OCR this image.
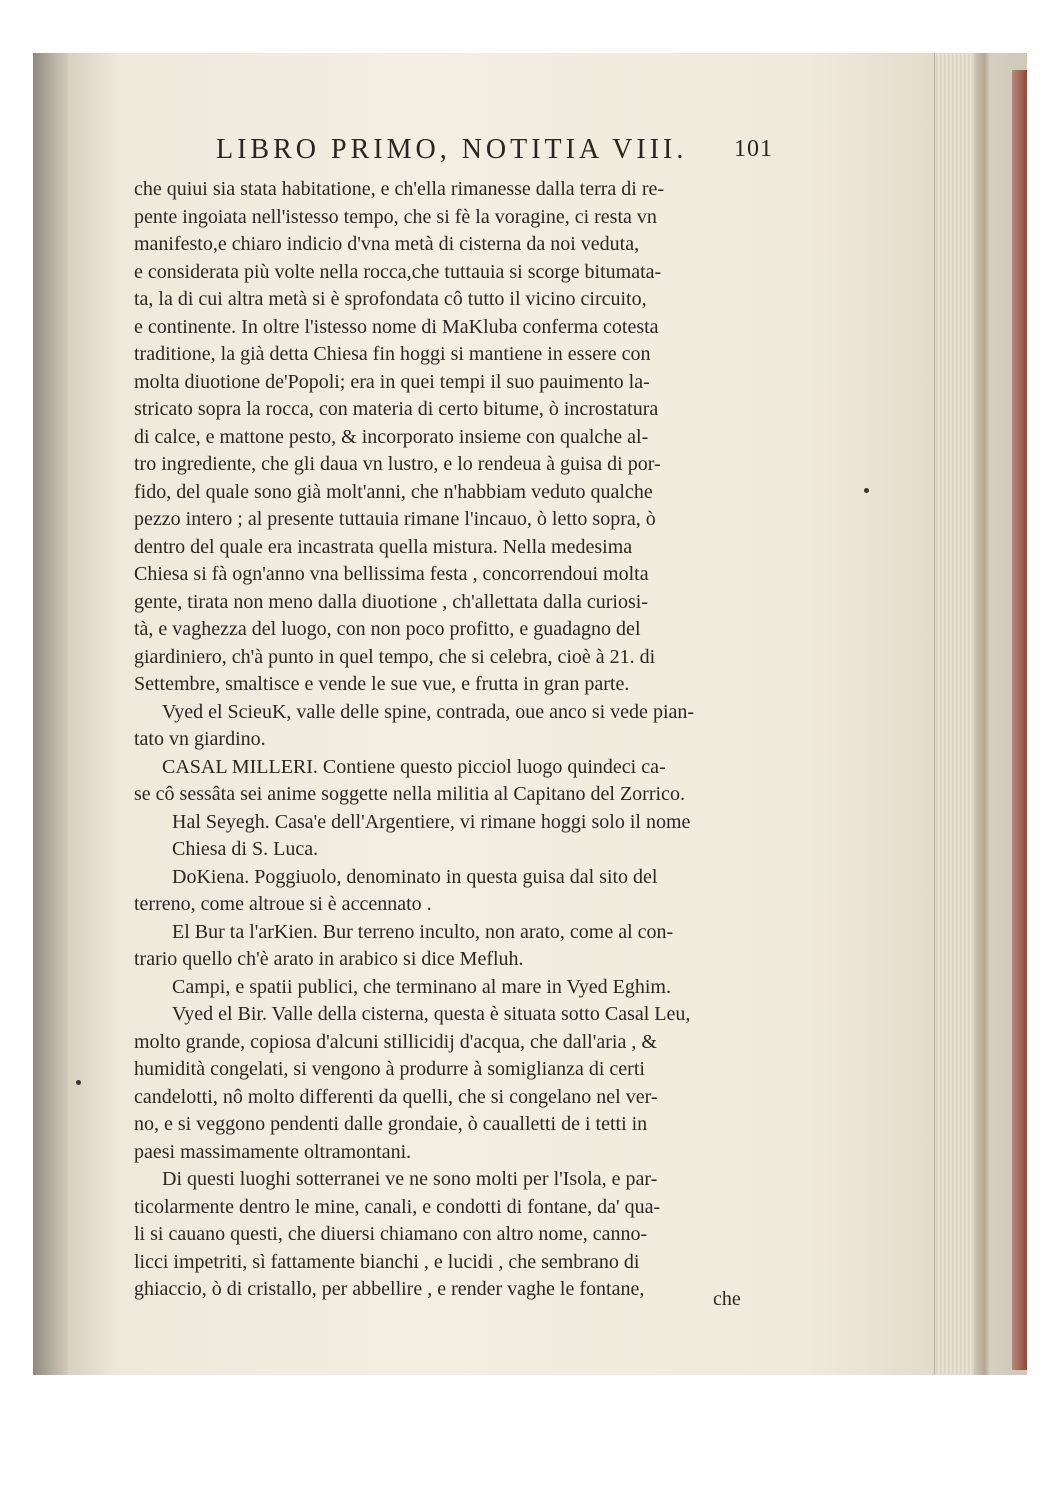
LIBRO PRIMO, NOTITIA VIII.	101
che quiui sia stata habitatione, e ch'ella rimanesse dalla terra di re-
pente ingoiata nell'istesso tempo, che si fè la voragine, ci resta vn
manifesto,e chiaro indicio d'vna metà di cisterna da noi veduta,
e considerata più volte nella rocca,che tuttauia si scorge bitumata-
ta, la di cui altra metà si è sprofondata cô tutto il vicino circuito,
e continente. In oltre l'istesso nome di MaKluba conferma cotesta
traditione, la già detta Chiesa fin hoggi si mantiene in essere con
molta diuotione de'Popoli; era in quei tempi il suo pauimento la-
stricato sopra la rocca, con materia di certo bitume, ò incrostatura
di calce, e mattone pesto, & incorporato insieme con qualche al-
tro ingrediente, che gli daua vn lustro, e lo rendeua à guisa di por-
fido, del quale sono già molt'anni, che n'habbiam veduto qualche
pezzo intero ; al presente tuttauia rimane l'incauo, ò letto sopra, ò
dentro del quale era incastrata quella mistura. Nella medesima
Chiesa si fà ogn'anno vna bellissima festa , concorrendoui molta
gente, tirata non meno dalla diuotione , ch'allettata dalla curiosi-
tà, e vaghezza del luogo, con non poco profitto, e guadagno del
giardiniero, ch'à punto in quel tempo, che si celebra, cioè à 21. di
Settembre, smaltisce e vende le sue vue, e frutta in gran parte.
Vyed el ScieuK, valle delle spine, contrada, oue anco si vede pian-
tato vn giardino.
CASAL MILLERI. Contiene questo picciol luogo quindeci ca-
se cô sessâta sei anime soggette nella militia al Capitano del Zorrico.
Hal Seyegh. Casa'e dell'Argentiere, vi rimane hoggi solo il nome
Chiesa di S. Luca.
DoKiena. Poggiuolo, denominato in questa guisa dal sito del
terreno, come altroue si è accennato .
El Bur ta l'arKien. Bur terreno inculto, non arato, come al con-
trario quello ch'è arato in arabico si dice Mefluh.
Campi, e spatii publici, che terminano al mare in Vyed Eghim.
Vyed el Bir. Valle della cisterna, questa è situata sotto Casal Leu,
molto grande, copiosa d'alcuni stillicidij d'acqua, che dall'aria , &
humidità congelati, si vengono à produrre à somiglianza di certi
candelotti, nô molto differenti da quelli, che si congelano nel ver-
no, e si veggono pendenti dalle grondaie, ò caualletti de i tetti in
paesi massimamente oltramontani.
Di questi luoghi sotterranei ve ne sono molti per l'Isola, e par-
ticolarmente dentro le mine, canali, e condotti di fontane, da' qua-
li si cauano questi, che diuersi chiamano con altro nome, canno-
licci impetriti, sì fattamente bianchi , e lucidi , che sembrano di
ghiaccio, ò di cristallo, per abbellire , e render vaghe le fontane,	che
